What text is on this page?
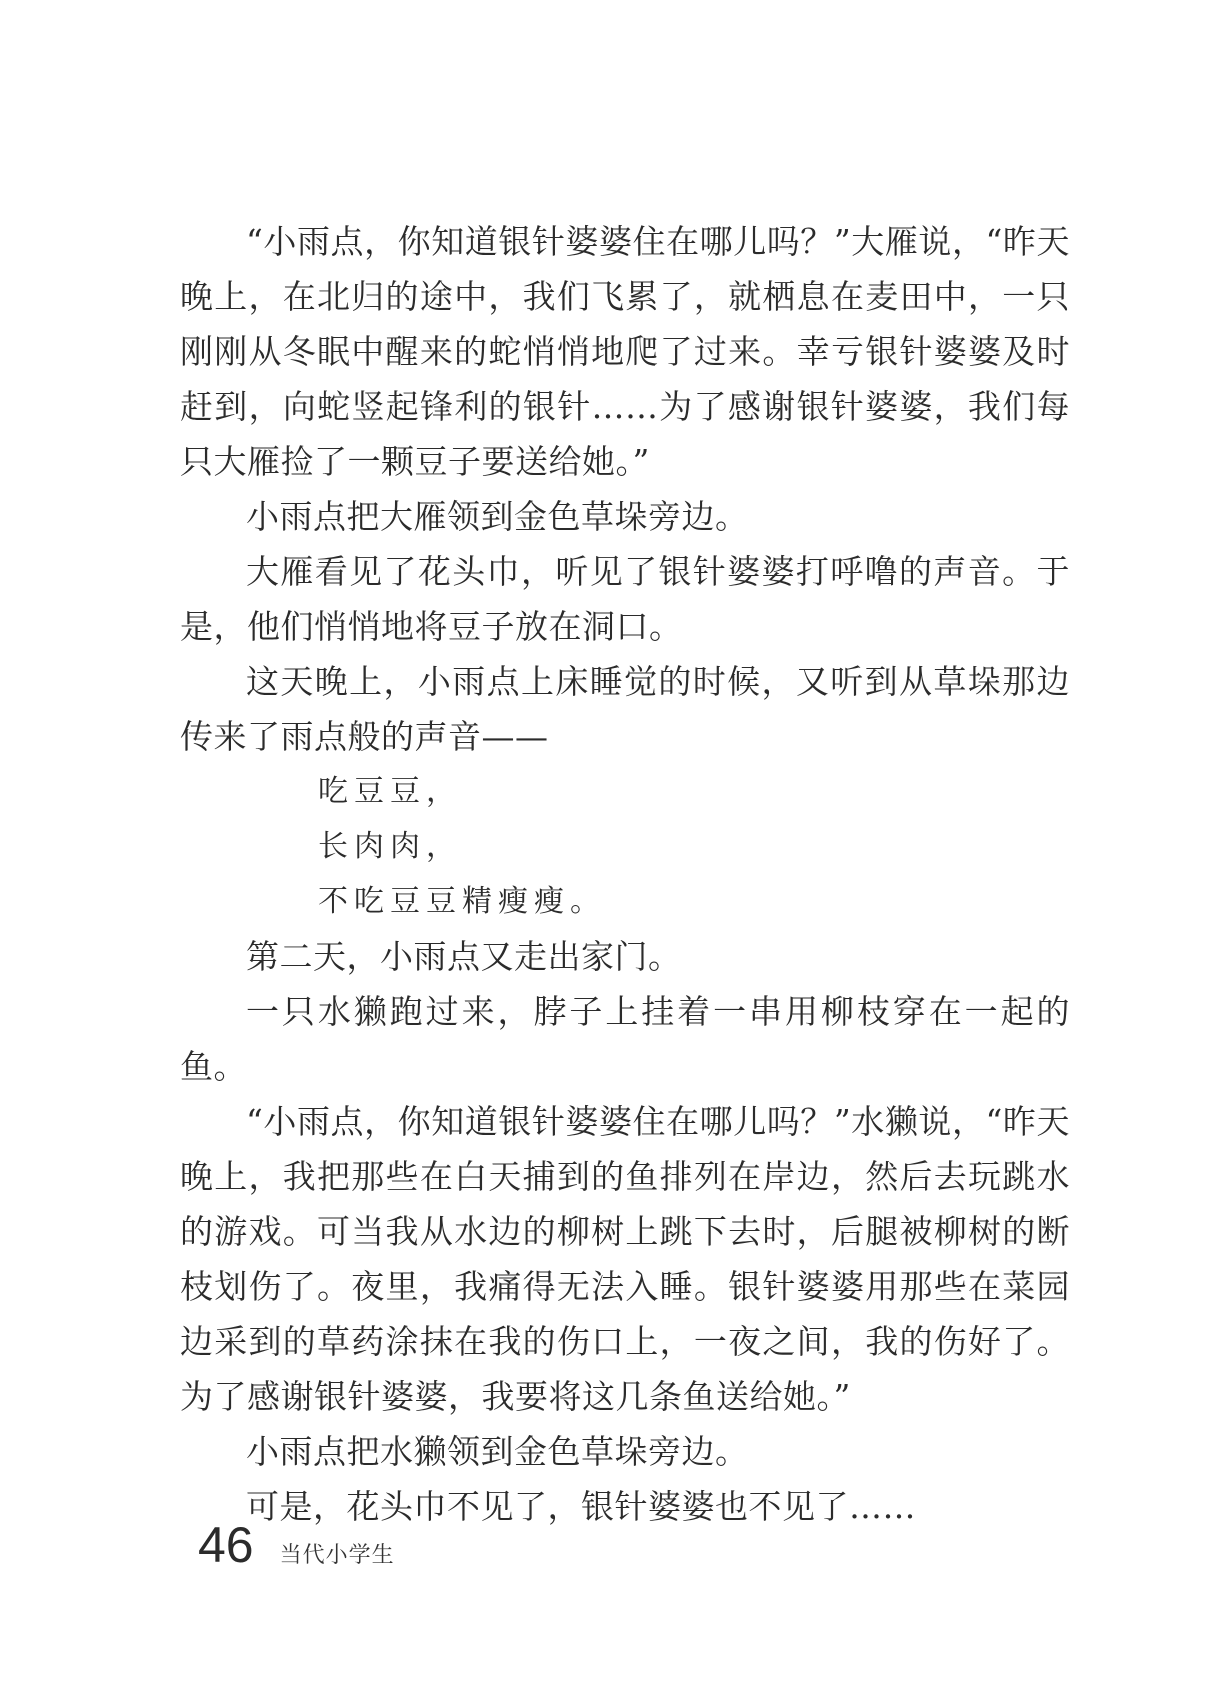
“小雨点，你知道银针婆婆住在哪儿吗？”大雁说，“昨天晚上，在北归的途中，我们飞累了，就栖息在麦田中，一只刚刚从冬眠中醒来的蛇悄悄地爬了过来。幸亏银针婆婆及时赶到，向蛇竖起锋利的银针……为了感谢银针婆婆，我们每只大雁捡了一颗豆子要送给她。”

小雨点把大雁领到金色草垛旁边。

大雁看见了花头巾，听见了银针婆婆打呼噜的声音。于是，他们悄悄地将豆子放在洞口。

这天晚上，小雨点上床睡觉的时候，又听到从草垛那边传来了雨点般的声音——

吃豆豆，

长肉肉，

不吃豆豆精瘦瘦。

第二天，小雨点又走出家门。

一只水獭跑过来，脖子上挂着一串用柳枝穿在一起的鱼。

“小雨点，你知道银针婆婆住在哪儿吗？”水獭说，“昨天晚上，我把那些在白天捕到的鱼排列在岸边，然后去玩跳水的游戏。可当我从水边的柳树上跳下去时，后腿被柳树的断枝划伤了。夜里，我痛得无法入睡。银针婆婆用那些在菜园边采到的草药涂抹在我的伤口上，一夜之间，我的伤好了。为了感谢银针婆婆，我要将这几条鱼送给她。”

小雨点把水獭领到金色草垛旁边。

可是，花头巾不见了，银针婆婆也不见了……

46 当代小学生
